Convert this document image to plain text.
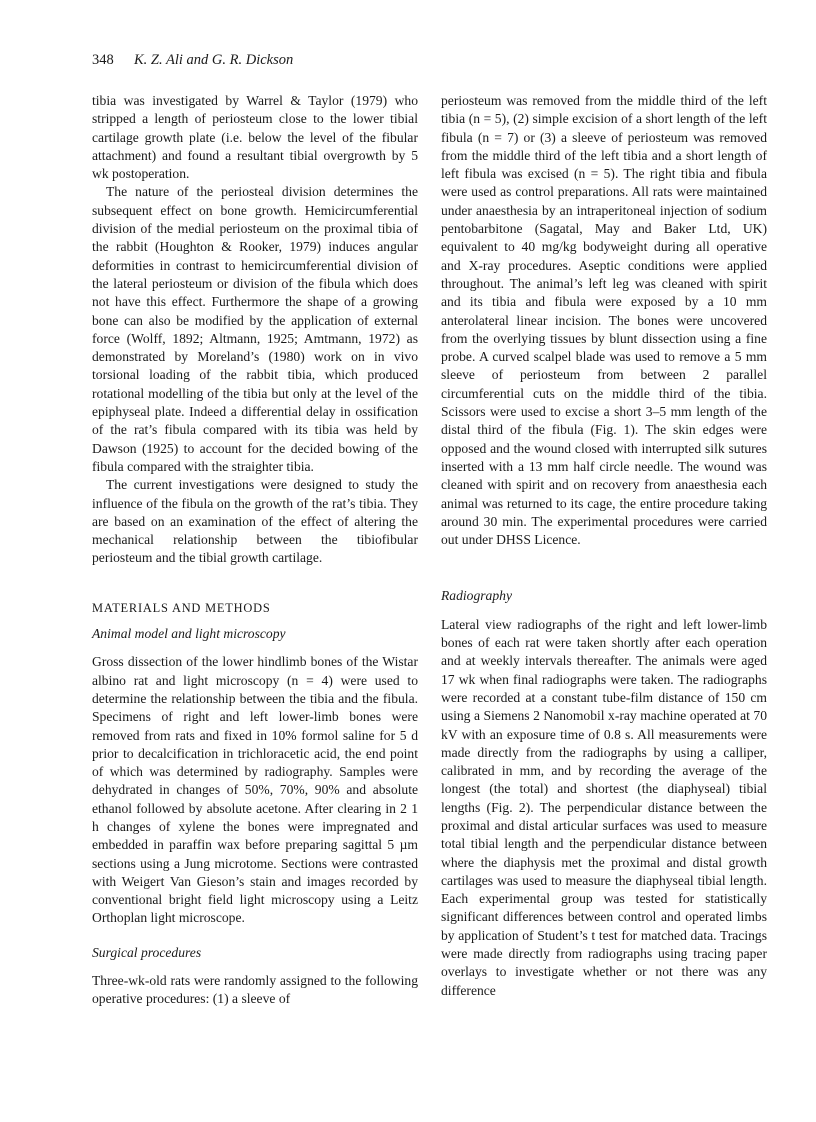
348 K. Z. Ali and G. R. Dickson

tibia was investigated by Warrel & Taylor (1979) who stripped a length of periosteum close to the lower tibial cartilage growth plate (i.e. below the level of the fibular attachment) and found a resultant tibial overgrowth by 5 wk postoperation.

The nature of the periosteal division determines the subsequent effect on bone growth. Hemicircumferential division of the medial periosteum on the proximal tibia of the rabbit (Houghton & Rooker, 1979) induces angular deformities in contrast to hemicircumferential division of the lateral periosteum or division of the fibula which does not have this effect. Furthermore the shape of a growing bone can also be modified by the application of external force (Wolff, 1892; Altmann, 1925; Amtmann, 1972) as demonstrated by Moreland’s (1980) work on in vivo torsional loading of the rabbit tibia, which produced rotational modelling of the tibia but only at the level of the epiphyseal plate. Indeed a differential delay in ossification of the rat’s fibula compared with its tibia was held by Dawson (1925) to account for the decided bowing of the fibula compared with the straighter tibia.

The current investigations were designed to study the influence of the fibula on the growth of the rat’s tibia. They are based on an examination of the effect of altering the mechanical relationship between the tibiofibular periosteum and the tibial growth cartilage.

MATERIALS AND METHODS

Animal model and light microscopy

Gross dissection of the lower hindlimb bones of the Wistar albino rat and light microscopy (n = 4) were used to determine the relationship between the tibia and the fibula. Specimens of right and left lower-limb bones were removed from rats and fixed in 10% formol saline for 5 d prior to decalcification in trichloracetic acid, the end point of which was determined by radiography. Samples were dehydrated in changes of 50%, 70%, 90% and absolute ethanol followed by absolute acetone. After clearing in 2 1 h changes of xylene the bones were impregnated and embedded in paraffin wax before preparing sagittal 5 µm sections using a Jung microtome. Sections were contrasted with Weigert Van Gieson’s stain and images recorded by conventional bright field light microscopy using a Leitz Orthoplan light microscope.

Surgical procedures

Three-wk-old rats were randomly assigned to the following operative procedures: (1) a sleeve of

periosteum was removed from the middle third of the left tibia (n = 5), (2) simple excision of a short length of the left fibula (n = 7) or (3) a sleeve of periosteum was removed from the middle third of the left tibia and a short length of left fibula was excised (n = 5). The right tibia and fibula were used as control preparations. All rats were maintained under anaesthesia by an intraperitoneal injection of sodium pentobarbitone (Sagatal, May and Baker Ltd, UK) equivalent to 40 mg/kg bodyweight during all operative and X-ray procedures. Aseptic conditions were applied throughout. The animal’s left leg was cleaned with spirit and its tibia and fibula were exposed by a 10 mm anterolateral linear incision. The bones were uncovered from the overlying tissues by blunt dissection using a fine probe. A curved scalpel blade was used to remove a 5 mm sleeve of periosteum from between 2 parallel circumferential cuts on the middle third of the tibia. Scissors were used to excise a short 3–5 mm length of the distal third of the fibula (Fig. 1). The skin edges were opposed and the wound closed with interrupted silk sutures inserted with a 13 mm half circle needle. The wound was cleaned with spirit and on recovery from anaesthesia each animal was returned to its cage, the entire procedure taking around 30 min. The experimental procedures were carried out under DHSS Licence.

Radiography

Lateral view radiographs of the right and left lower-limb bones of each rat were taken shortly after each operation and at weekly intervals thereafter. The animals were aged 17 wk when final radiographs were taken. The radiographs were recorded at a constant tube-film distance of 150 cm using a Siemens 2 Nanomobil x-ray machine operated at 70 kV with an exposure time of 0.8 s. All measurements were made directly from the radiographs by using a calliper, calibrated in mm, and by recording the average of the longest (the total) and shortest (the diaphyseal) tibial lengths (Fig. 2). The perpendicular distance between the proximal and distal articular surfaces was used to measure total tibial length and the perpendicular distance between where the diaphysis met the proximal and distal growth cartilages was used to measure the diaphyseal tibial length. Each experimental group was tested for statistically significant differences between control and operated limbs by application of Student’s t test for matched data. Tracings were made directly from radiographs using tracing paper overlays to investigate whether or not there was any difference
